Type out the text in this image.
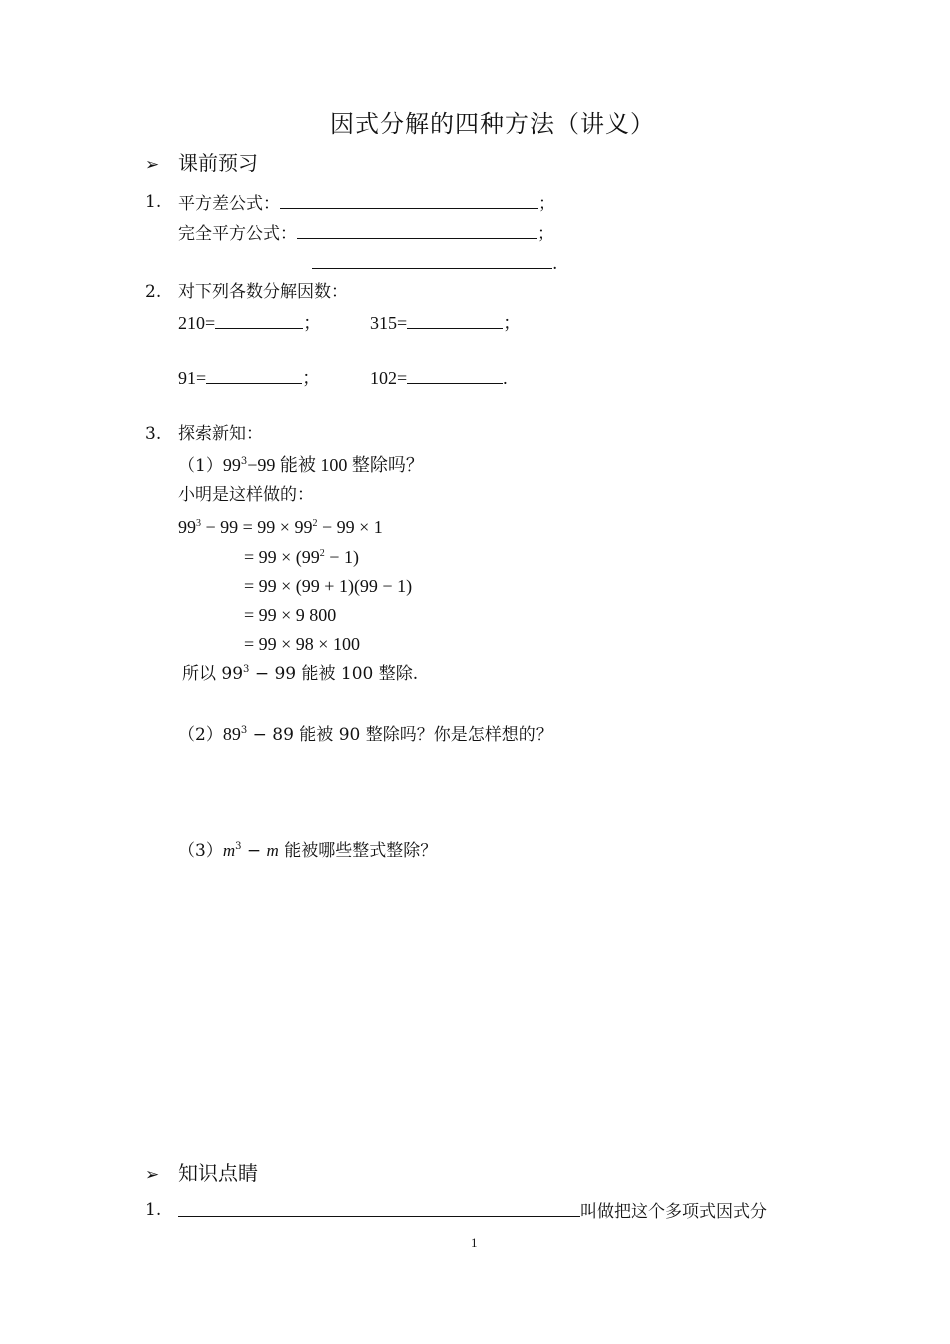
因式分解的四种方法（讲义）
➢ 课前预习
1. 平方差公式：	；
完全平方公式：	；
.
2. 对下列各数分解因数：
210=	；	315=	；
91=	；	102=	.
3. 探索新知：
$(1)99^3-99$ 能被 100 整除吗？
小明是这样做的：
$99^3 - 99 = 99 \times 99^2 - 99 \times 1$
= $99 \times (99^2 - 1)$
= 99 × (99 + 1)(99 − 1)
= 99 × 9 800
= 99 × 98 × 100
所以 $99^3 - 99$ 能被 100 整除.
$(2)89^3 - 89$ 能被 90 整除吗？你是怎样想的？
$(3)m^3 - m$ 能被哪些整式整除？
➢ 知识点睛
1.	叫做把这个多项式因式分
1
